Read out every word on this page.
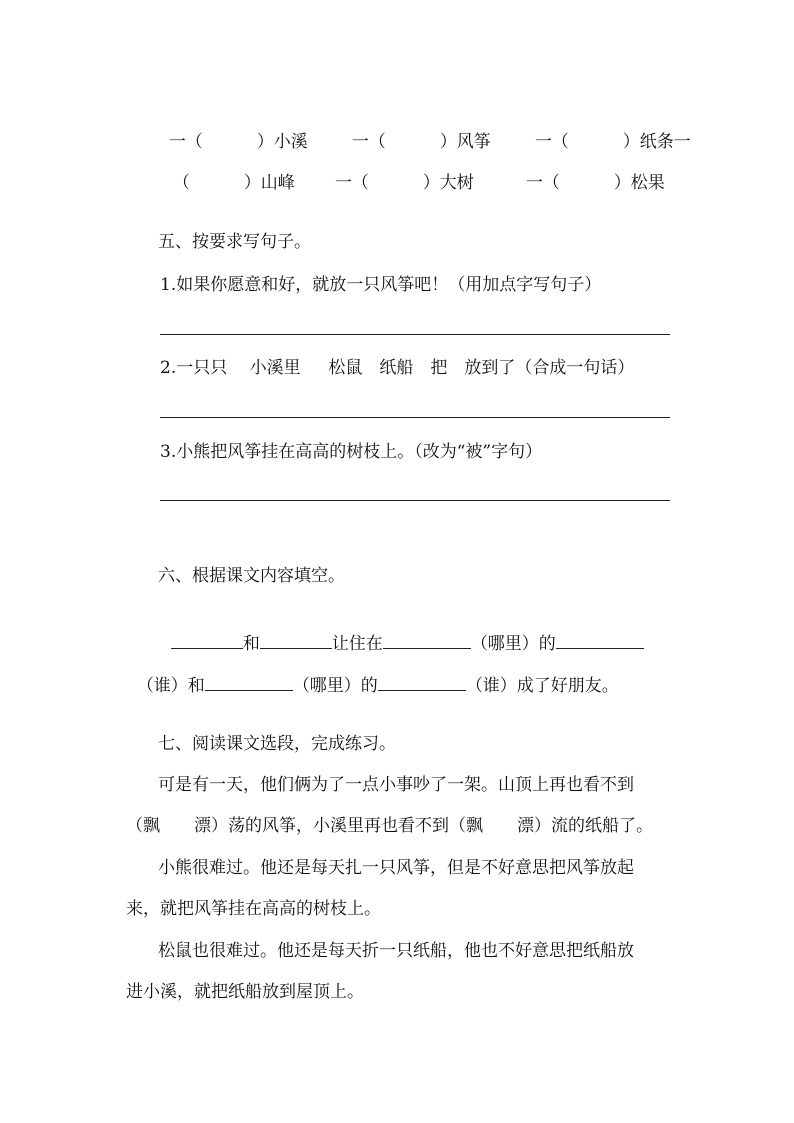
一（	）小溪	一（	）风筝	一（	）纸条一

（	）山峰 一（	）大树	一（	）松果

五、按要求写句子。
1.如果你愿意和好，就放一只风筝吧！（用加点字写句子）
2.一只只　 小溪里 　 松鼠　纸船　把　放到了（合成一句话）
3.小熊把风筝挂在高高的树枝上。（改为“被”字句）
六、根据课文内容填空。

和	让住在	（哪里）的

（谁）和	（哪里）的	（谁）成了好朋友。

七、阅读课文选段，完成练习。
可是有一天，他们俩为了一点小事吵了一架。山顶上再也看不到
（飘　　漂）荡的风筝，小溪里再也看不到（飘　　漂）流的纸船了。
小熊很难过。他还是每天扎一只风筝，但是不好意思把风筝放起
来，就把风筝挂在高高的树枝上。
松鼠也很难过。他还是每天折一只纸船，他也不好意思把纸船放
进小溪，就把纸船放到屋顶上。
